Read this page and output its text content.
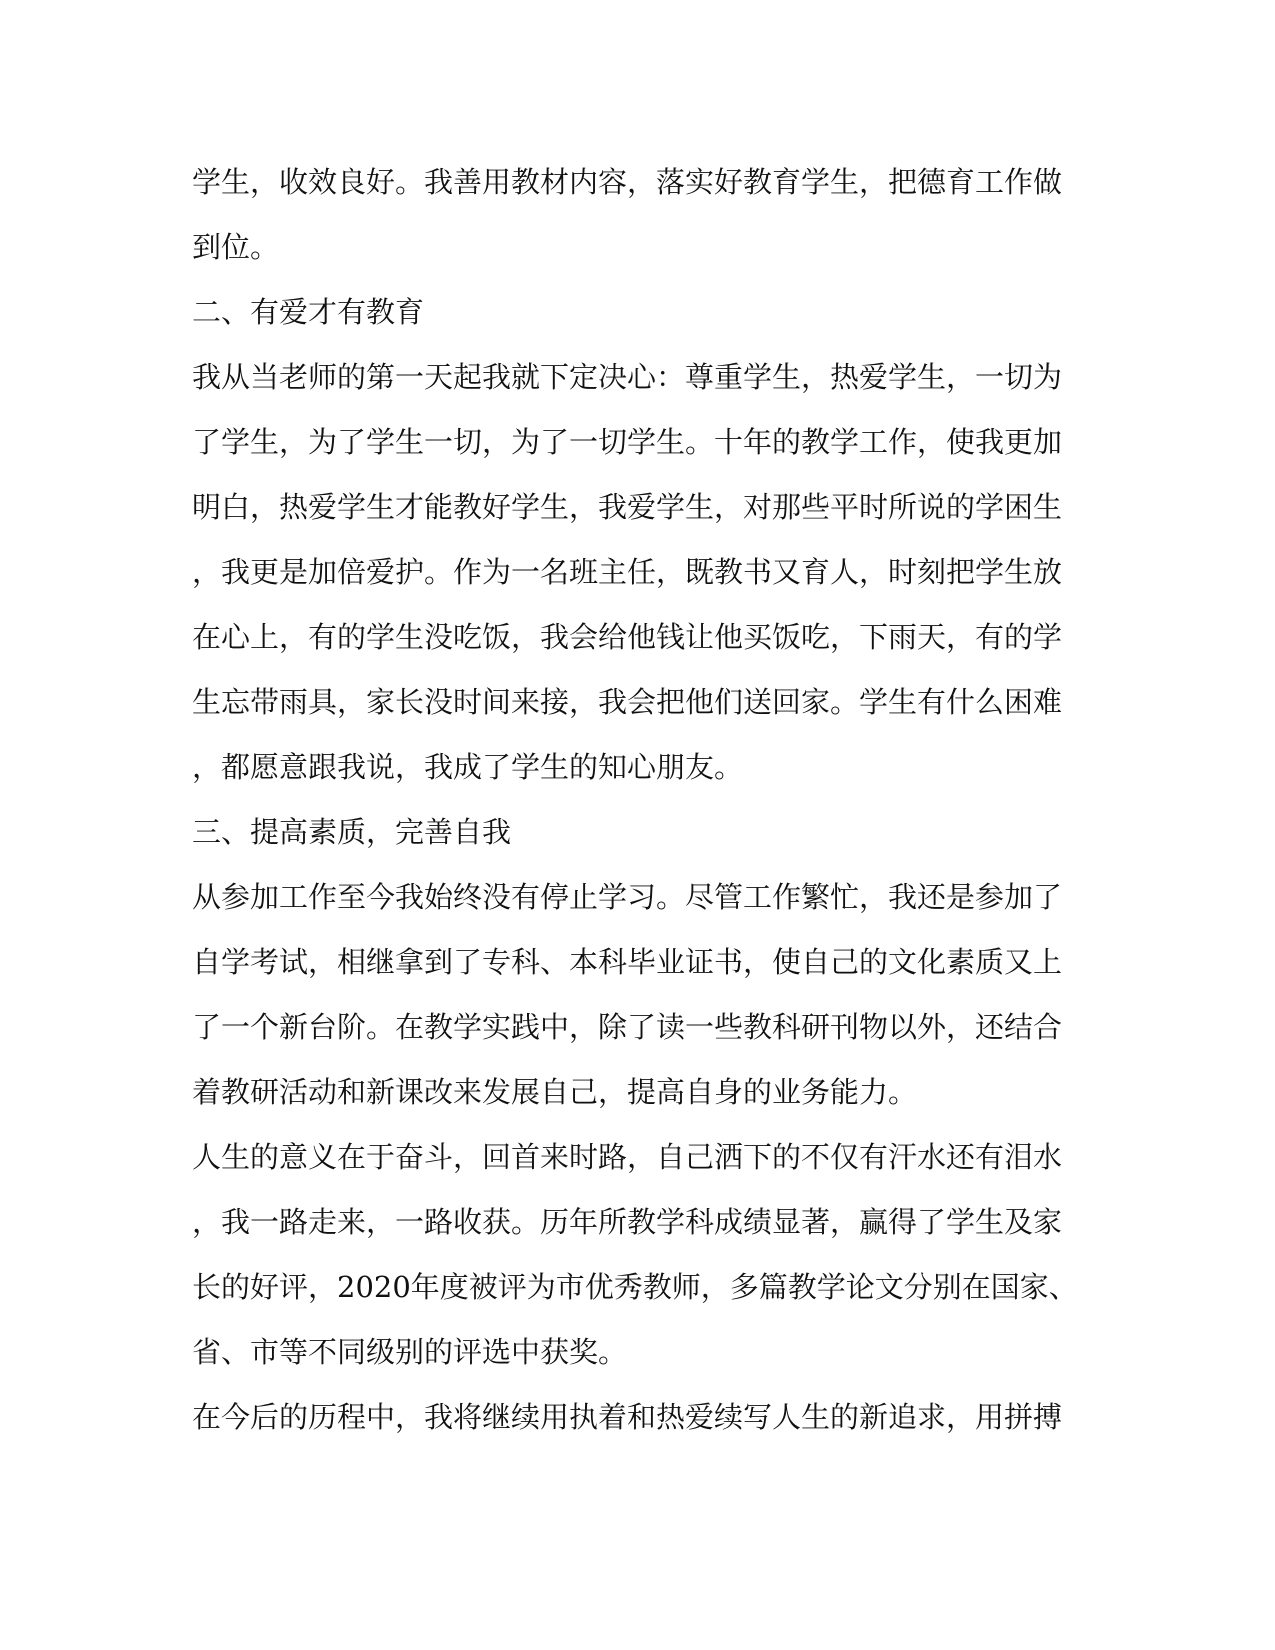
学生，收效良好。我善用教材内容，落实好教育学生，把德育工作做
到位。
二、有爱才有教育
我从当老师的第一天起我就下定决心：尊重学生，热爱学生，一切为
了学生，为了学生一切，为了一切学生。十年的教学工作，使我更加
明白，热爱学生才能教好学生，我爱学生，对那些平时所说的学困生
，我更是加倍爱护。作为一名班主任，既教书又育人，时刻把学生放
在心上，有的学生没吃饭，我会给他钱让他买饭吃，下雨天，有的学
生忘带雨具，家长没时间来接，我会把他们送回家。学生有什么困难
，都愿意跟我说，我成了学生的知心朋友。
三、提高素质，完善自我
从参加工作至今我始终没有停止学习。尽管工作繁忙，我还是参加了
自学考试，相继拿到了专科、本科毕业证书，使自己的文化素质又上
了一个新台阶。在教学实践中，除了读一些教科研刊物以外，还结合
着教研活动和新课改来发展自己，提高自身的业务能力。
人生的意义在于奋斗，回首来时路，自己洒下的不仅有汗水还有泪水
，我一路走来，一路收获。历年所教学科成绩显著，赢得了学生及家
长的好评，2020年度被评为市优秀教师，多篇教学论文分别在国家、
省、市等不同级别的评选中获奖。
在今后的历程中，我将继续用执着和热爱续写人生的新追求，用拼搏
